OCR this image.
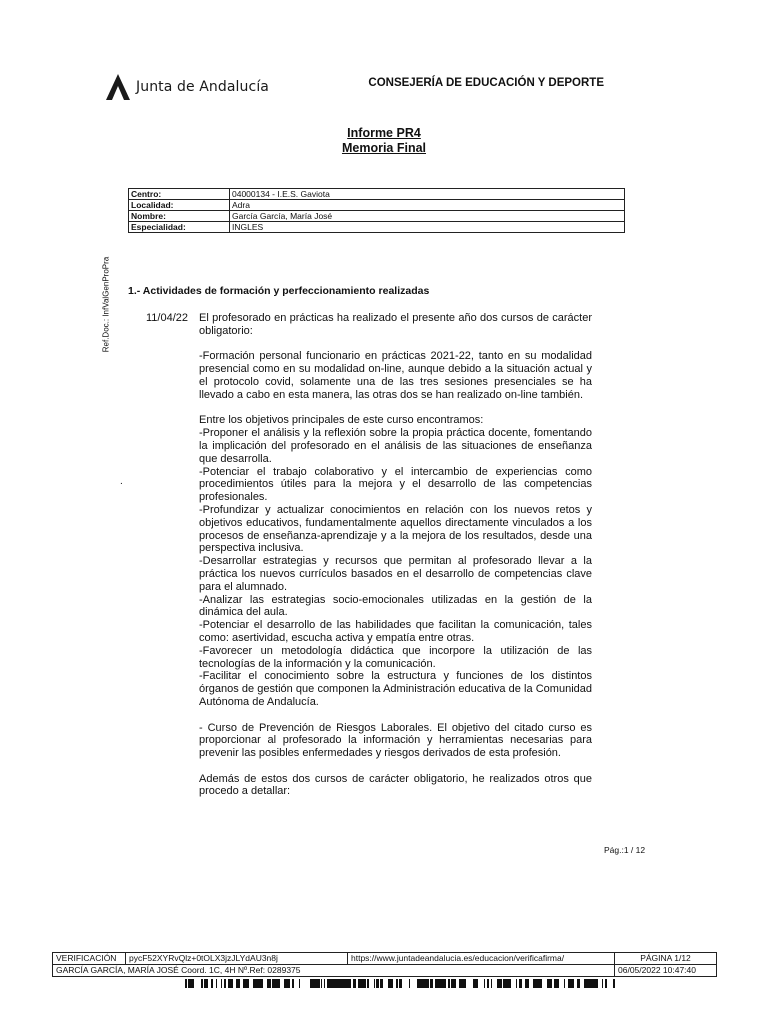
Junta de Andalucía	CONSEJERÍA DE EDUCACIÓN Y DEPORTE
Informe PR4
Memoria Final
Centro:	04000134 - I.E.S. Gaviota
Localidad:	Adra
Nombre:	García García, María José
Especialidad:	INGLES
Ref.Doc.: InfValGenProPra 1.- Actividades de formación y perfeccionamiento realizadas
11/04/22
.

El profesorado en prácticas ha realizado el presente año dos cursos de carácter obligatorio:

-Formación personal funcionario en prácticas 2021-22, tanto en su modalidad presencial como en su modalidad on-line, aunque debido a la situación actual y el protocolo covid, solamente una de las tres sesiones presenciales se ha llevado a cabo en esta manera, las otras dos se han realizado on-line también.

Entre los objetivos principales de este curso encontramos:
-Proponer el análisis y la reflexión sobre la propia práctica docente, fomentando la implicación del profesorado en el análisis de las situaciones de enseñanza que desarrolla.
-Potenciar el trabajo colaborativo y el intercambio de experiencias como procedimientos útiles para la mejora y el desarrollo de las competencias profesionales.
-Profundizar y actualizar conocimientos en relación con los nuevos retos y objetivos educativos, fundamentalmente aquellos directamente vinculados a los procesos de enseñanza-aprendizaje y a la mejora de los resultados, desde una perspectiva inclusiva.
-Desarrollar estrategias y recursos que permitan al profesorado llevar a la práctica los nuevos currículos basados en el desarrollo de competencias clave para el alumnado.
-Analizar las estrategias socio-emocionales utilizadas en la gestión de la dinámica del aula.
-Potenciar el desarrollo de las habilidades que facilitan la comunicación, tales como: asertividad, escucha activa y empatía entre otras.
-Favorecer un metodología didáctica que incorpore la utilización de las tecnologías de la información y la comunicación.
-Facilitar el conocimiento sobre la estructura y funciones de los distintos órganos de gestión que componen la Administración educativa de la Comunidad Autónoma de Andalucía.

- Curso de Prevención de Riesgos Laborales. El objetivo del citado curso es proporcionar al profesorado la información y herramientas necesarias para prevenir las posibles enfermedades y riesgos derivados de esta profesión.

Además de estos dos cursos de carácter obligatorio, he realizados otros que procedo a detallar:

Pág.:1 / 12
VERIFICACIÓN	pycF52XYRvQlz+0tOLX3jzJLYdAU3n8j	https://www.juntadeandalucia.es/educacion/verificafirma/	PÁGINA 1/12
GARCÍA GARCÍA, MARÍA JOSÉ Coord. 1C, 4H Nº.Ref: 0289375			06/05/2022 10:47:40
